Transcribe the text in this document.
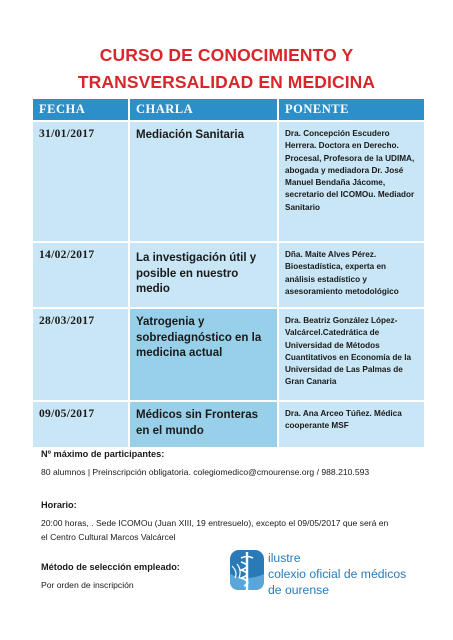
CURSO DE CONOCIMIENTO Y
TRANSVERSALIDAD EN MEDICINA
FECHA	CHARLA	PONENTE
31/01/2017	Mediación Sanitaria	Dra. Concepción Escudero Herrera. Doctora en Derecho. Procesal, Profesora de la UDIMA, abogada y mediadora Dr. José Manuel Bendaña Jácome, secretario del ICOMOu. Mediador Sanitario
14/02/2017	La investigación útil y posible en nuestro medio	Dña. Maite Alves Pérez. Bioestadística, experta en análisis estadístico y asesoramiento metodológico
28/03/2017	Yatrogenia y sobrediagnóstico en la medicina actual	Dra. Beatriz González López-Valcárcel.Catedrática de Universidad de Métodos Cuantitativos en Economía de la Universidad de Las Palmas de Gran Canaria
09/05/2017	Médicos sin Fronteras en el mundo	Dra. Ana Arceo Túñez. Médica cooperante MSF
Nº máximo de participantes:
80 alumnos | Preinscripción obligatoria. colegiomedico@cmourense.org / 988.210.593
Horario:
20:00 horas, . Sede ICOMOu (Juan XIII, 19 entresuelo), excepto el 09/05/2017 que será en
el Centro Cultural Marcos Valcárcel
Método de selección empleado:
Por orden de inscripción
ilustre
colexio oficial de médicos
de ourense
